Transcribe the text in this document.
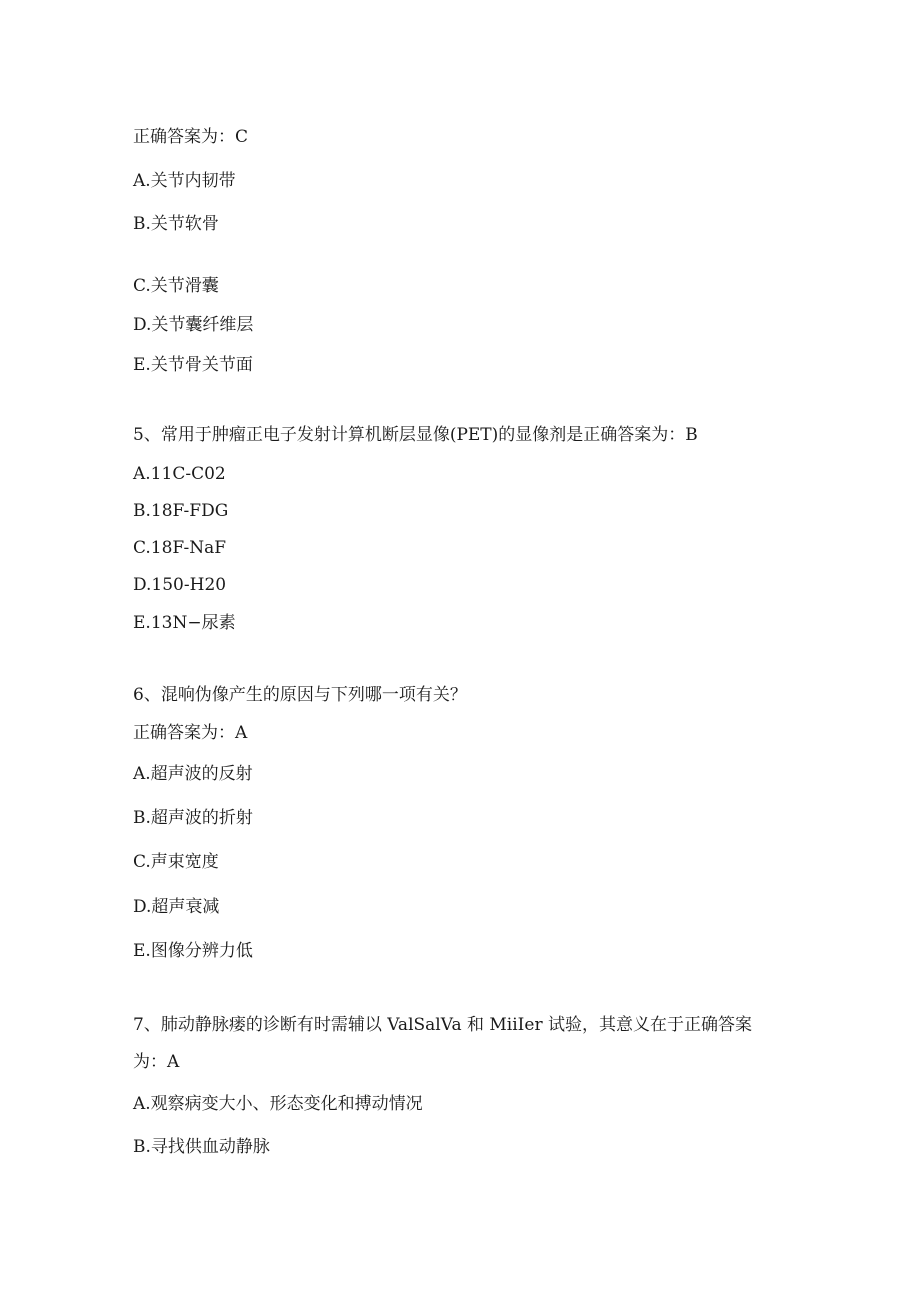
正确答案为：C
A.关节内韧带
B.关节软骨
C.关节滑囊
D.关节囊纤维层
E.关节骨关节面
5、常用于肿瘤正电子发射计算机断层显像(PET)的显像剂是正确答案为：B
A.11C-C02
B.18F-FDG
C.18F-NaF
D.150-H20
E.13N−尿素
6、混响伪像产生的原因与下列哪一项有关？
正确答案为：A
A.超声波的反射
B.超声波的折射
C.声束宽度
D.超声衰减
E.图像分辨力低
7、肺动静脉瘘的诊断有时需辅以 ValSalVa 和 MiiIer 试验，其意义在于正确答案
为：A
A.观察病变大小、形态变化和搏动情况
B.寻找供血动静脉
